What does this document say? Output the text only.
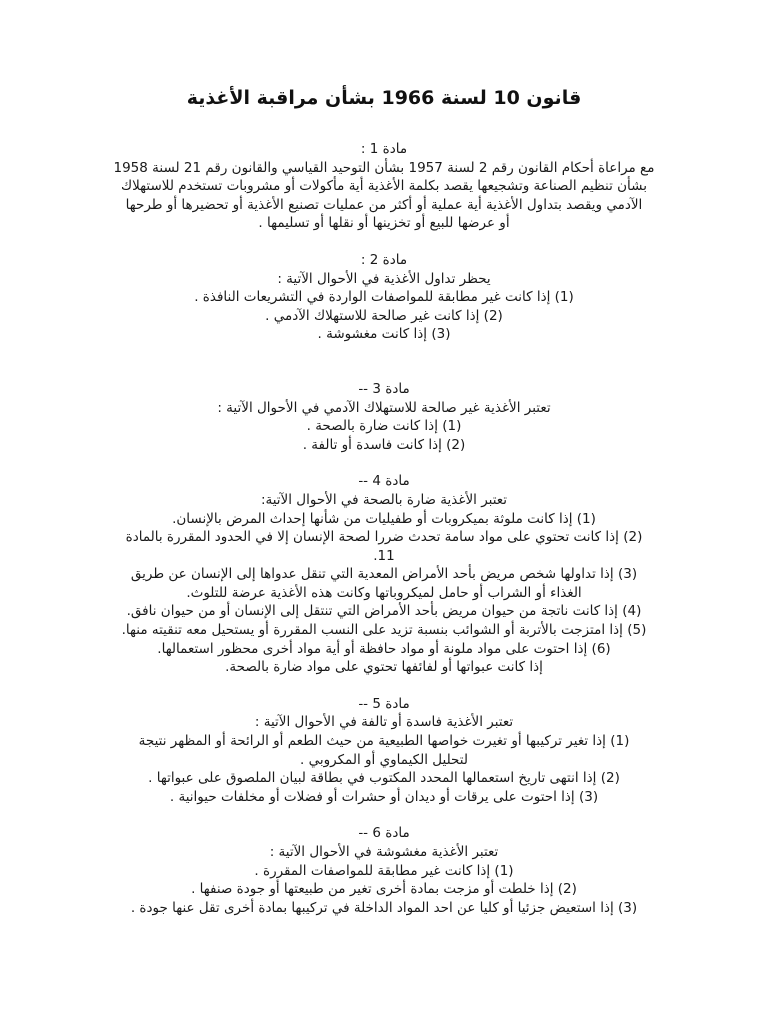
قانون 10 لسنة 1966 بشأن مراقبة الأغذية

مادة 1 :

مع مراعاة أحكام القانون رقم 2 لسنة 1957 بشأن التوحيد القياسي والقانون رقم 21 لسنة 1958

بشأن تنظيم الصناعة وتشجيعها يقصد بكلمة الأغذية أية مأكولات أو مشروبات تستخدم للاستهلاك

الآدمي ويقصد بتداول الأغذية أية عملية أو أكثر من عمليات تصنيع الأغذية أو تحضيرها أو طرحها

أو عرضها للبيع أو تخزينها أو نقلها أو تسليمها .

مادة 2 :

يحظر تداول الأغذية في الأحوال الآتية :

(1) إذا كانت غير مطابقة للمواصفات الواردة في التشريعات النافذة .

(2) إذا كانت غير صالحة للاستهلاك الآدمي .

(3) إذا كانت مغشوشة .

مادة 3 --

تعتبر الأغذية غير صالحة للاستهلاك الآدمي في الأحوال الآتية :

(1) إذا كانت ضارة بالصحة .

(2) إذا كانت فاسدة أو تالفة .

مادة 4 --

تعتبر الأغذية ضارة بالصحة في الأحوال الآتية:

(1) إذا كانت ملوثة بميكروبات أو طفيليات من شأنها إحداث المرض بالإنسان.

(2) إذا كانت تحتوي على مواد سامة تحدث ضررا لصحة الإنسان إلا في الحدود المقررة بالمادة

11.

(3) إذا تداولها شخص مريض بأحد الأمراض المعدية التي تنقل عدواها إلى الإنسان عن طريق

الغذاء أو الشراب أو حامل لميكروباتها وكانت هذه الأغذية عرضة للتلوث.

(4) إذا كانت ناتجة من حيوان مريض بأحد الأمراض التي تنتقل إلى الإنسان أو من حيوان نافق.

(5) إذا امتزجت بالأتربة أو الشوائب بنسبة تزيد على النسب المقررة أو يستحيل معه تنقيته منها.

(6) إذا احتوت على مواد ملونة أو مواد حافظة أو أية مواد أخرى محظور استعمالها.

إذا كانت عبواتها أو لفائفها تحتوي على مواد ضارة بالصحة.

مادة 5 --

تعتبر الأغذية فاسدة أو تالفة في الأحوال الآتية :

(1) إذا تغير تركيبها أو تغيرت خواصها الطبيعية من حيث الطعم أو الرائحة أو المظهر نتيجة

لتحليل الكيماوي أو المكروبي .

(2) إذا انتهى تاريخ استعمالها المحدد المكتوب في بطاقة لبيان الملصوق على عبواتها .

(3) إذا احتوت على يرقات أو ديدان أو حشرات أو فضلات أو مخلفات حيوانية .

مادة 6 --

تعتبر الأغذية مغشوشة في الأحوال الآتية :

(1) إذا كانت غير مطابقة للمواصفات المقررة .

(2) إذا خلطت أو مزجت بمادة أخرى تغير من طبيعتها أو جودة صنفها .

(3) إذا استعيض جزئيا أو كليا عن احد المواد الداخلة في تركيبها بمادة أخرى تقل عنها جودة .
